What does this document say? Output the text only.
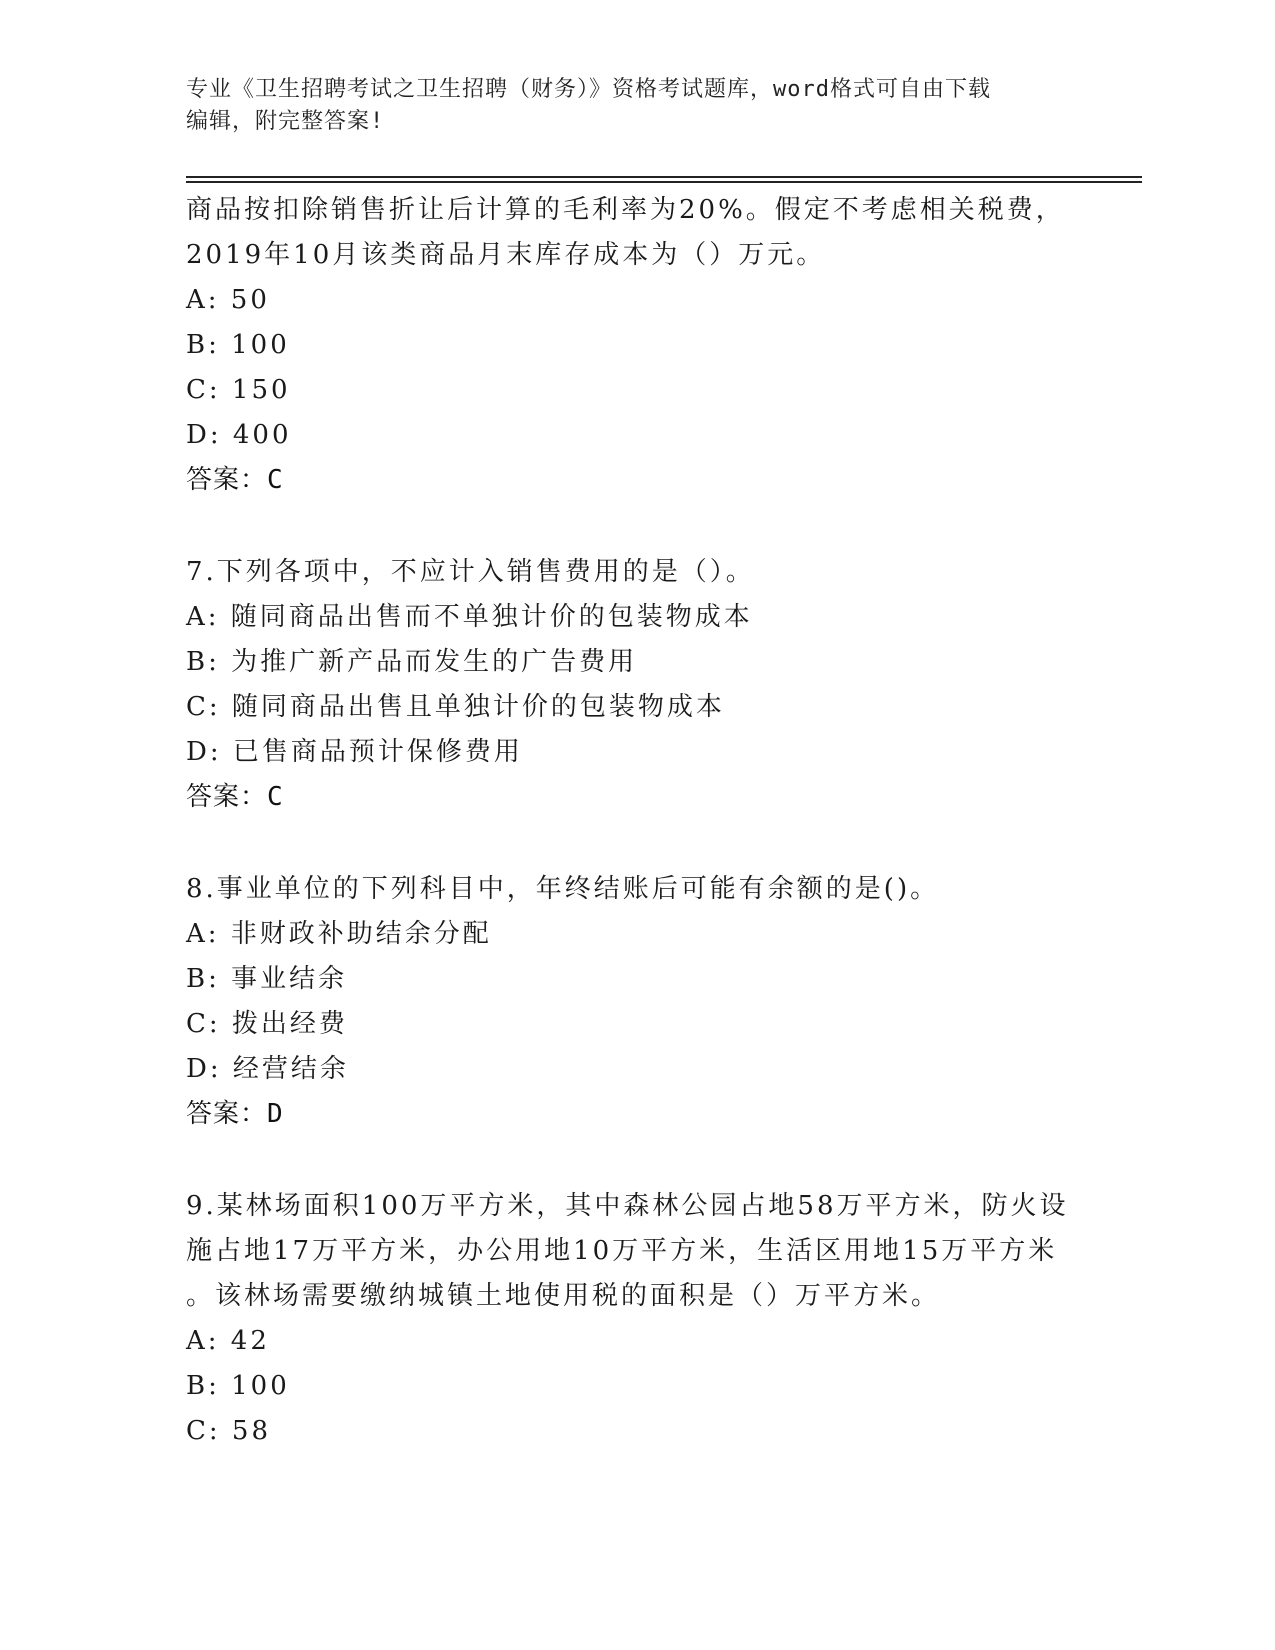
专业《卫生招聘考试之卫生招聘（财务）》资格考试题库，word格式可自由下载
编辑，附完整答案!
商品按扣除销售折让后计算的毛利率为20%。假定不考虑相关税费，
2019年10月该类商品月末库存成本为（）万元。
A: 50
B: 100
C: 150
D: 400
答案：C
7.下列各项中，不应计入销售费用的是（）。
A: 随同商品出售而不单独计价的包装物成本
B: 为推广新产品而发生的广告费用
C: 随同商品出售且单独计价的包装物成本
D: 已售商品预计保修费用
答案：C
8.事业单位的下列科目中，年终结账后可能有余额的是()。
A: 非财政补助结余分配
B: 事业结余
C: 拨出经费
D: 经营结余
答案：D
9.某林场面积100万平方米，其中森林公园占地58万平方米，防火设
施占地17万平方米，办公用地10万平方米，生活区用地15万平方米
。该林场需要缴纳城镇土地使用税的面积是（）万平方米。
A: 42
B: 100
C: 58
